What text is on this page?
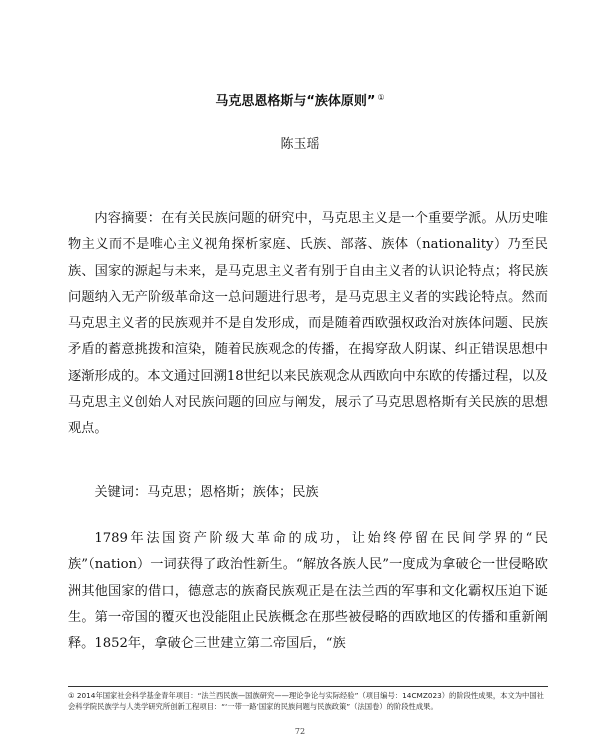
马克思恩格斯与“族体原则” ①
陈玉瑶

内容摘要：在有关民族问题的研究中，马克思主义是一个重要学派。从历史唯物主义而不是唯心主义视角探析家庭、氏族、部落、族体（nationality）乃至民族、国家的源起与未来，是马克思主义者有别于自由主义者的认识论特点；将民族问题纳入无产阶级革命这一总问题进行思考，是马克思主义者的实践论特点。然而马克思主义者的民族观并不是自发形成，而是随着西欧强权政治对族体问题、民族矛盾的蓄意挑拨和渲染，随着民族观念的传播，在揭穿敌人阴谋、纠正错误思想中逐渐形成的。本文通过回溯18世纪以来民族观念从西欧向中东欧的传播过程，以及马克思主义创始人对民族问题的回应与阐发，展示了马克思恩格斯有关民族的思想观点。

关键词：马克思；恩格斯；族体；民族

1789年法国资产阶级大革命的成功，让始终停留在民间学界的“民族”（nation）一词获得了政治性新生。“解放各族人民”一度成为拿破仑一世侵略欧洲其他国家的借口，德意志的族裔民族观正是在法兰西的军事和文化霸权压迫下诞生。第一帝国的覆灭也没能阻止民族概念在那些被侵略的西欧地区的传播和重新阐释。1852年，拿破仑三世建立第二帝国后，“族

① 2014年国家社会科学基金青年项目：“法兰西民族—国族研究——理论争论与实际经验”（项目编号：14CMZ023）的阶段性成果，本文为中国社会科学院民族学与人类学研究所创新工程项目：“‘一带一路’国家的民族问题与民族政策”（法国卷）的阶段性成果。

72
